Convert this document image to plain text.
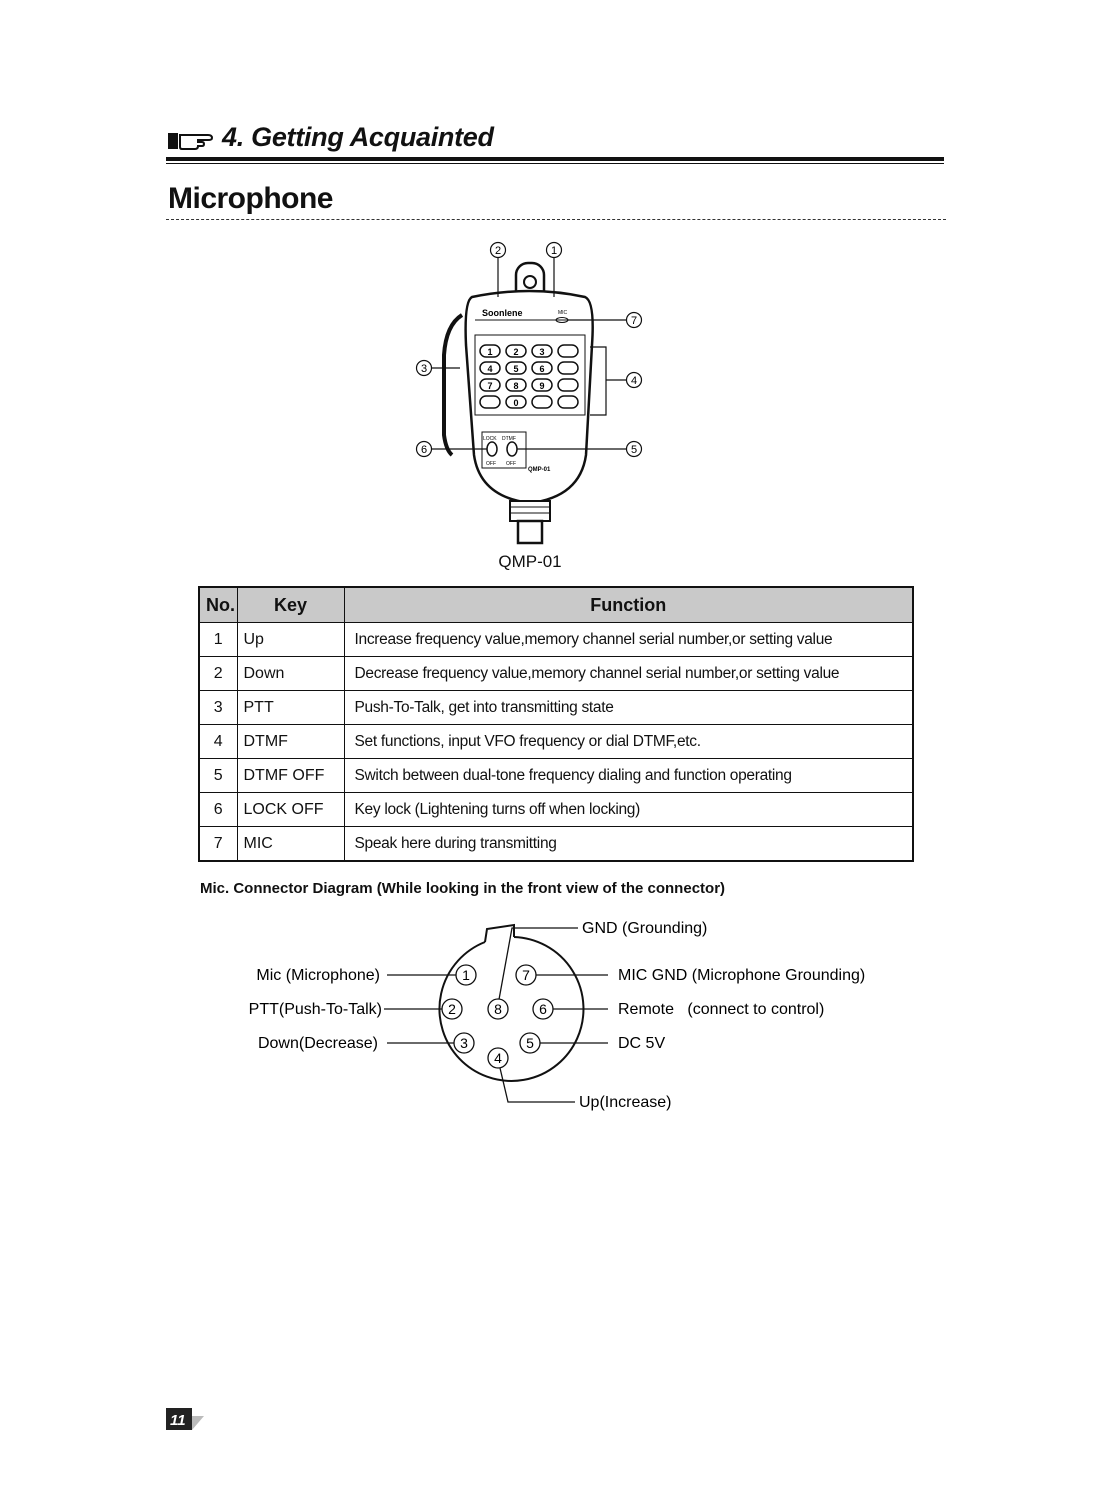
4. Getting Acquainted
Microphone
Soonlene	MIC
1 2 3
4 5 6
7 8 9
0
LOCK DTMF
OFF OFF
QMP-01
2	1
7
3
4
6	5
QMP-01
No.	Key	Function
1	Up	Increase frequency value,memory channel serial number,or setting value
2	Down	Decrease frequency value,memory channel serial number,or setting value
3	PTT	Push-To-Talk, get into transmitting state
4	DTMF	Set functions, input VFO frequency or dial DTMF,etc.
5	DTMF OFF	Switch between dual-tone frequency dialing and function operating
6	LOCK OFF	Key lock (Lightening turns off when locking)
7	MIC	Speak here during transmitting
Mic. Connector Diagram (While looking in the front view of the connector)
1
2
3
4
5
6
7
8
GND (Grounding)
Mic (Microphone)	MIC GND (Microphone Grounding)
PTT(Push-To-Talk)	Remote   (connect to control)
Down(Decrease)	DC 5V
Up(Increase)
11
